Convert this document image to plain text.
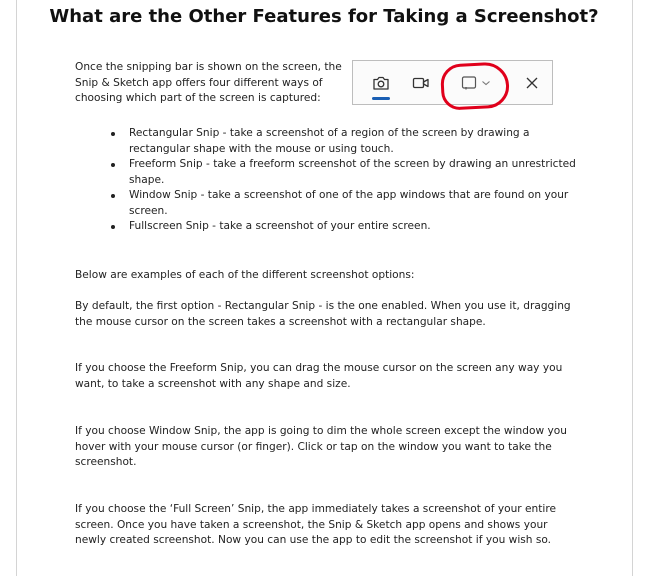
What are the Other Features for Taking a Screenshot?
Once the snipping bar is shown on the screen, the Snip & Sketch app offers four different ways of choosing which part of the screen is captured:
Rectangular Snip - take a screenshot of a region of the screen by drawing a rectangular shape with the mouse or using touch.
Freeform Snip - take a freeform screenshot of the screen by drawing an unrestricted shape.
Window Snip - take a screenshot of one of the app windows that are found on your screen.
Fullscreen Snip - take a screenshot of your entire screen.

Below are examples of each of the different screenshot options:

By default, the first option - Rectangular Snip - is the one enabled. When you use it, dragging the mouse cursor on the screen takes a screenshot with a rectangular shape.

If you choose the Freeform Snip, you can drag the mouse cursor on the screen any way you want, to take a screenshot with any shape and size.

If you choose Window Snip, the app is going to dim the whole screen except the window you hover with your mouse cursor (or finger). Click or tap on the window you want to take the screenshot.

If you choose the ‘Full Screen’ Snip, the app immediately takes a screenshot of your entire screen. Once you have taken a screenshot, the Snip & Sketch app opens and shows your newly created screenshot. Now you can use the app to edit the screenshot if you wish so.
